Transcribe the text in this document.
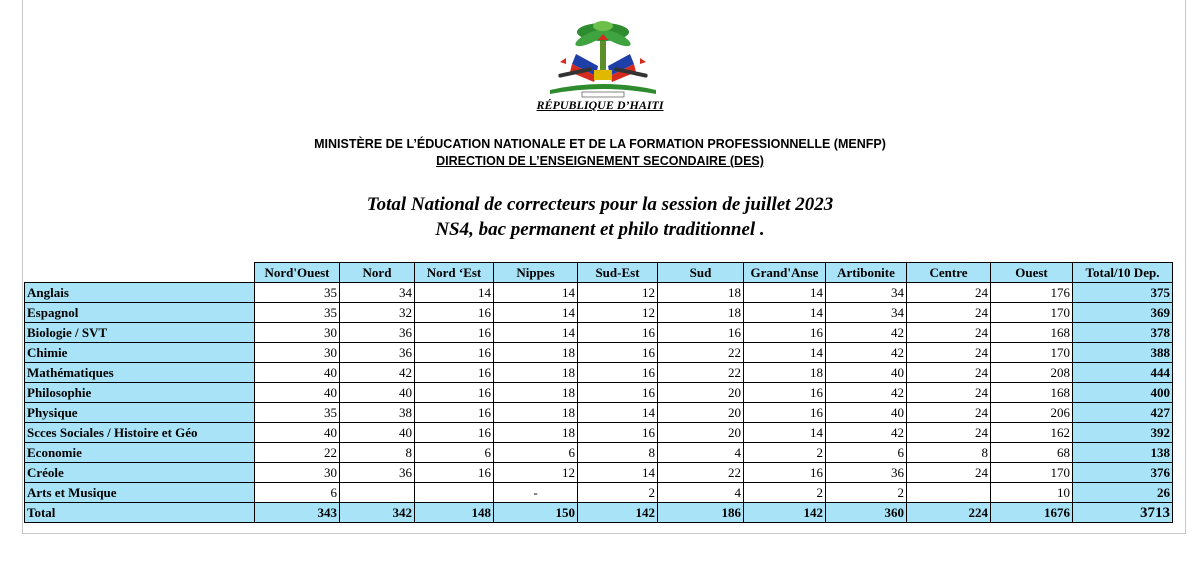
RÉPUBLIQUE D’HAITI
MINISTÈRE DE L’ÉDUCATION NATIONALE ET DE LA FORMATION PROFESSIONNELLE (MENFP)
DIRECTION DE L’ENSEIGNEMENT SECONDAIRE (DES)
Total National de correcteurs pour la session de juillet 2023
NS4, bac permanent et philo traditionnel .
	Nord'Ouest	Nord	Nord ‘Est	Nippes	Sud-Est	Sud	Grand'Anse	Artibonite	Centre	Ouest	Total/10 Dep.
Anglais	35	34	14	14	12	18	14	34	24	176	375
Espagnol	35	32	16	14	12	18	14	34	24	170	369
Biologie / SVT	30	36	16	14	16	16	16	42	24	168	378
Chimie	30	36	16	18	16	22	14	42	24	170	388
Mathématiques	40	42	16	18	16	22	18	40	24	208	444
Philosophie	40	40	16	18	16	20	16	42	24	168	400
Physique	35	38	16	18	14	20	16	40	24	206	427
Scces Sociales / Histoire et Géo	40	40	16	18	16	20	14	42	24	162	392
Economie	22	8	6	6	8	4	2	6	8	68	138
Créole	30	36	16	12	14	22	16	36	24	170	376
Arts et Musique	6			-	2	4	2	2		10	26
Total	343	342	148	150	142	186	142	360	224	1676	3713
